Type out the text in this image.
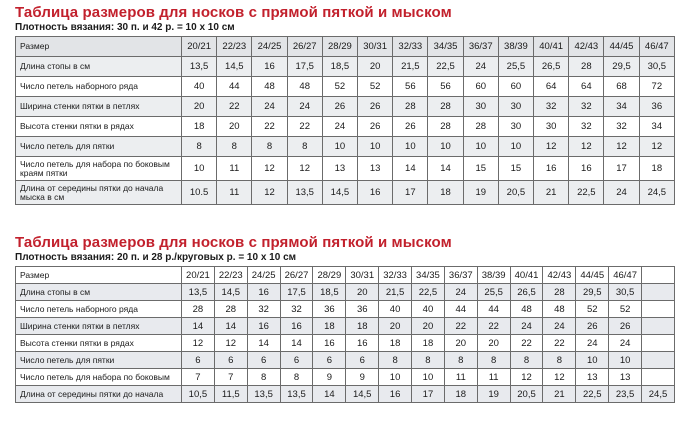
Таблица размеров для носков с прямой пяткой и мыском
Плотность вязания: 30 п. и 42 р. = 10 х 10 см
Размер	20/21	22/23	24/25	26/27	28/29	30/31	32/33	34/35	36/37	38/39	40/41	42/43	44/45	46/47
Длина стопы в см	13,5	14,5	16	17,5	18,5	20	21,5	22,5	24	25,5	26,5	28	29,5	30,5
Число петель наборного ряда	40	44	48	48	52	52	56	56	60	60	64	64	68	72
Ширина стенки пятки в петлях	20	22	24	24	26	26	28	28	30	30	32	32	34	36
Высота стенки пятки в рядах	18	20	22	22	24	26	26	28	28	30	30	32	32	34
Число петель для пятки	8	8	8	8	10	10	10	10	10	10	12	12	12	12
Число петель для набора по боковым краям пятки	10	11	12	12	13	13	14	14	15	15	16	16	17	18
Длина от середины пятки до начала мыска в см	10.5	11	12	13,5	14,5	16	17	18	19	20,5	21	22,5	24	24,5
Таблица размеров для носков с прямой пяткой и мыском
Плотность вязания: 20 п. и 28 р./круговых р. = 10 х 10 см
Размер	20/21	22/23	24/25	26/27	28/29	30/31	32/33	34/35	36/37	38/39	40/41	42/43	44/45	46/47	
Длина стопы в см	13,5	14,5	16	17,5	18,5	20	21,5	22,5	24	25,5	26,5	28	29,5	30,5	
Число петель наборного ряда	28	28	32	32	36	36	40	40	44	44	48	48	52	52	
Ширина стенки пятки в петлях	14	14	16	16	18	18	20	20	22	22	24	24	26	26	
Высота стенки пятки в рядах	12	12	14	14	16	16	18	18	20	20	22	22	24	24	
Число петель для пятки	6	6	6	6	6	6	8	8	8	8	8	8	10	10	
Число петель для набора по боковым	7	7	8	8	9	9	10	10	11	11	12	12	13	13	
Длина от середины пятки до начала	10,5	11,5	13,5	13,5	14	14,5	16	17	18	19	20,5	21	22,5	23,5	24,5
